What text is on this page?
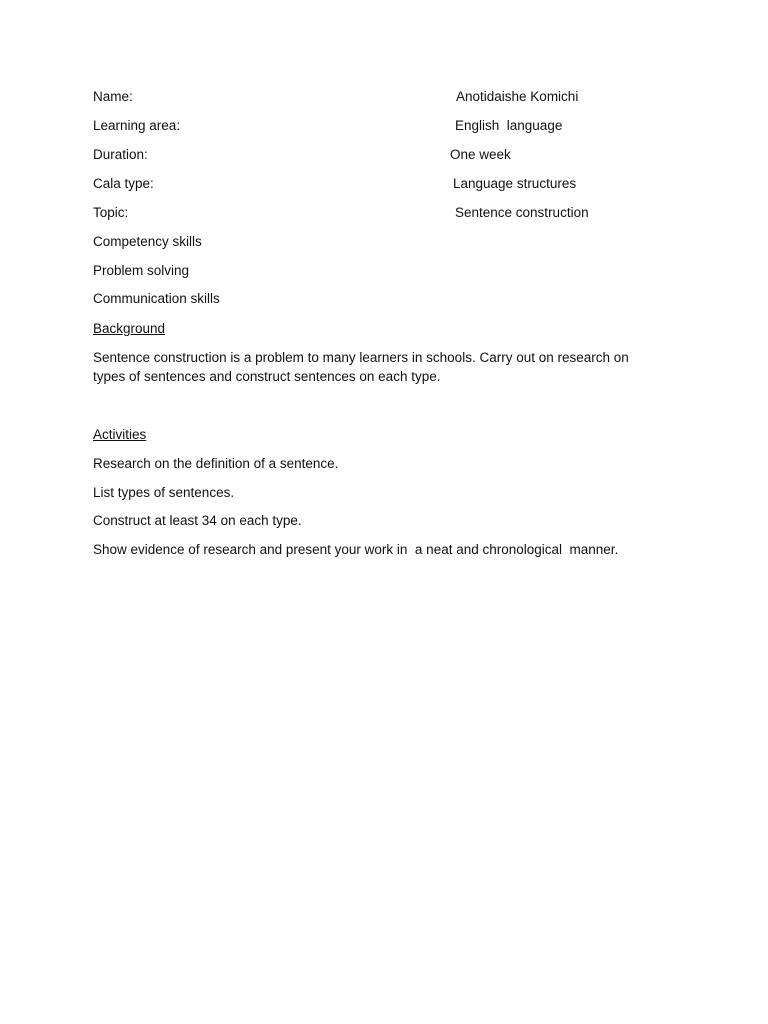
Name:	Anotidaishe Komichi
Learning area:	English  language
Duration:	One week
Cala type:	Language structures
Topic:	Sentence construction
Competency skills
Problem solving
Communication skills
Background
Sentence construction is a problem to many learners in schools. Carry out on research on types of sentences and construct sentences on each type.
Activities
Research on the definition of a sentence.
List types of sentences.
Construct at least 34 on each type.
Show evidence of research and present your work in  a neat and chronological  manner.
